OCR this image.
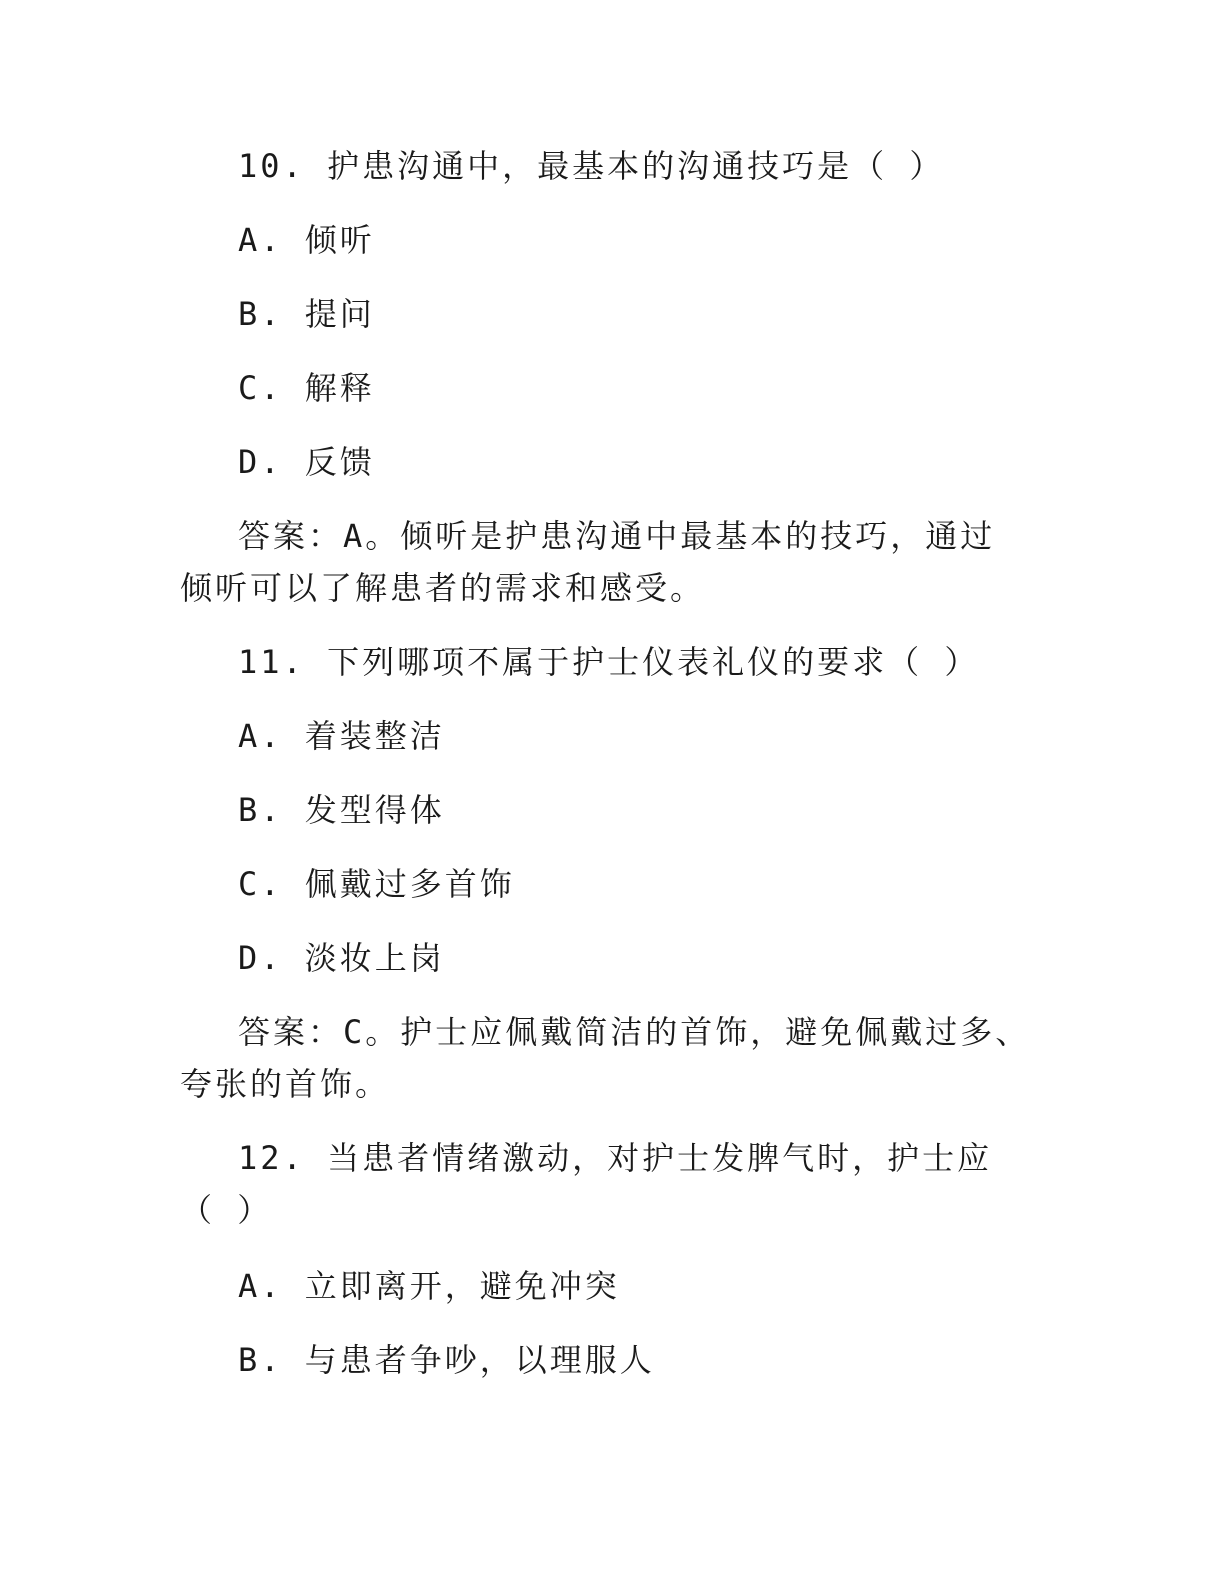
10. 护患沟通中，最基本的沟通技巧是（ ）
A. 倾听
B. 提问
C. 解释
D. 反馈
答案：A。倾听是护患沟通中最基本的技巧，通过
倾听可以了解患者的需求和感受。
11. 下列哪项不属于护士仪表礼仪的要求（ ）
A. 着装整洁
B. 发型得体
C. 佩戴过多首饰
D. 淡妆上岗
答案：C。护士应佩戴简洁的首饰，避免佩戴过多、
夸张的首饰。
12. 当患者情绪激动，对护士发脾气时，护士应
（ ）
A. 立即离开，避免冲突
B. 与患者争吵，以理服人
